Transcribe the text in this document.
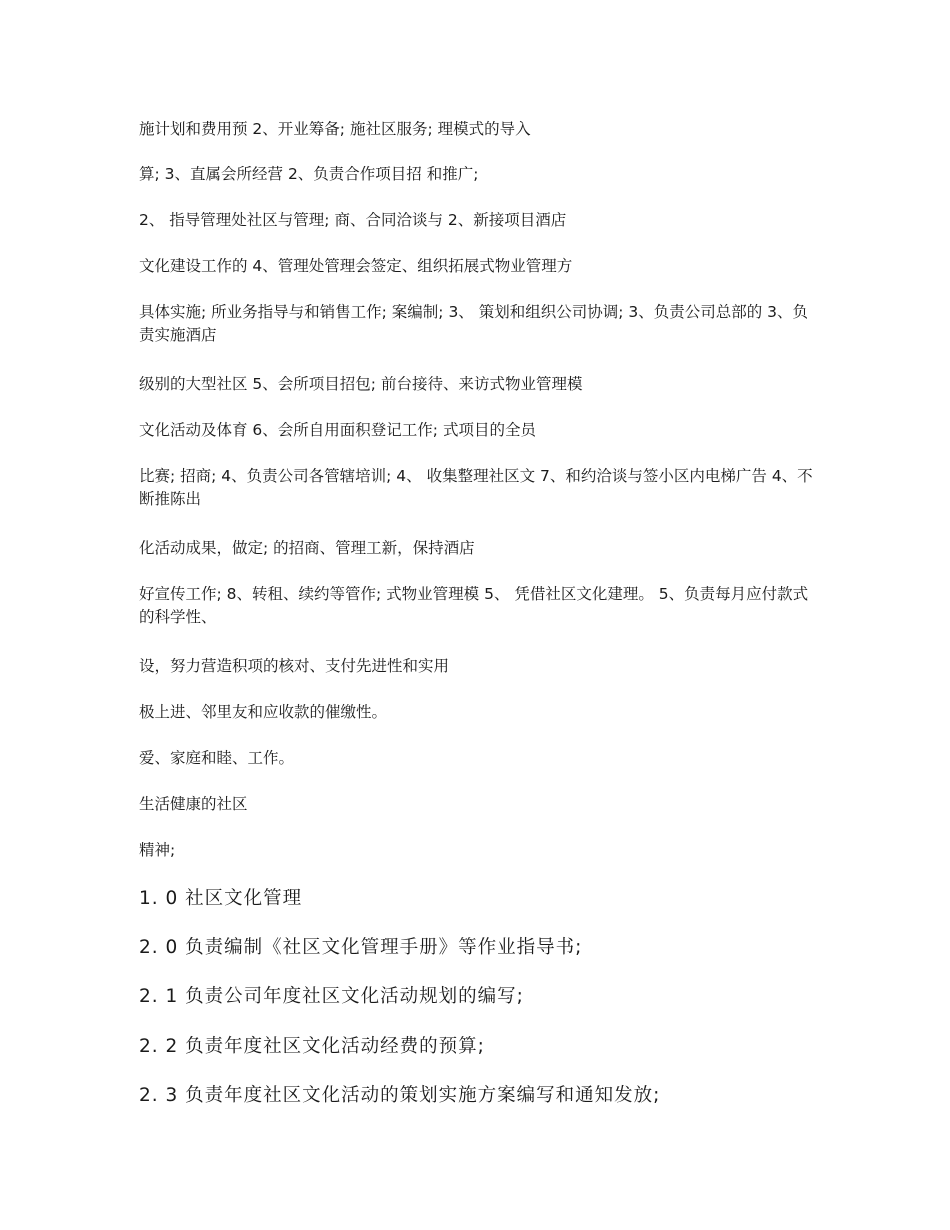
施计划和费用预 2、开业筹备; 施社区服务; 理模式的导入

算; 3、直属会所经营 2、负责合作项目招 和推广;

2、 指导管理处社区与管理; 商、合同洽谈与 2、新接项目酒店

文化建设工作的 4、管理处管理会签定、组织拓展式物业管理方

具体实施; 所业务指导与和销售工作; 案编制; 3、 策划和组织公司协调; 3、负责公司总部的 3、负责实施酒店

级别的大型社区 5、会所项目招包; 前台接待、来访式物业管理模

文化活动及体育 6、会所自用面积登记工作; 式项目的全员

比赛; 招商; 4、负责公司各管辖培训; 4、 收集整理社区文 7、和约洽谈与签小区内电梯广告 4、不断推陈出

化活动成果，做定; 的招商、管理工新，保持酒店

好宣传工作; 8、转租、续约等管作; 式物业管理模 5、 凭借社区文化建理。 5、负责每月应付款式的科学性、

设，努力营造积项的核对、支付先进性和实用

极上进、邻里友和应收款的催缴性。

爱、家庭和睦、工作。

生活健康的社区

精神;

1. 0 社区文化管理

2. 0 负责编制《社区文化管理手册》等作业指导书;

2. 1 负责公司年度社区文化活动规划的编写;

2. 2 负责年度社区文化活动经费的预算;

2. 3 负责年度社区文化活动的策划实施方案编写和通知发放;
